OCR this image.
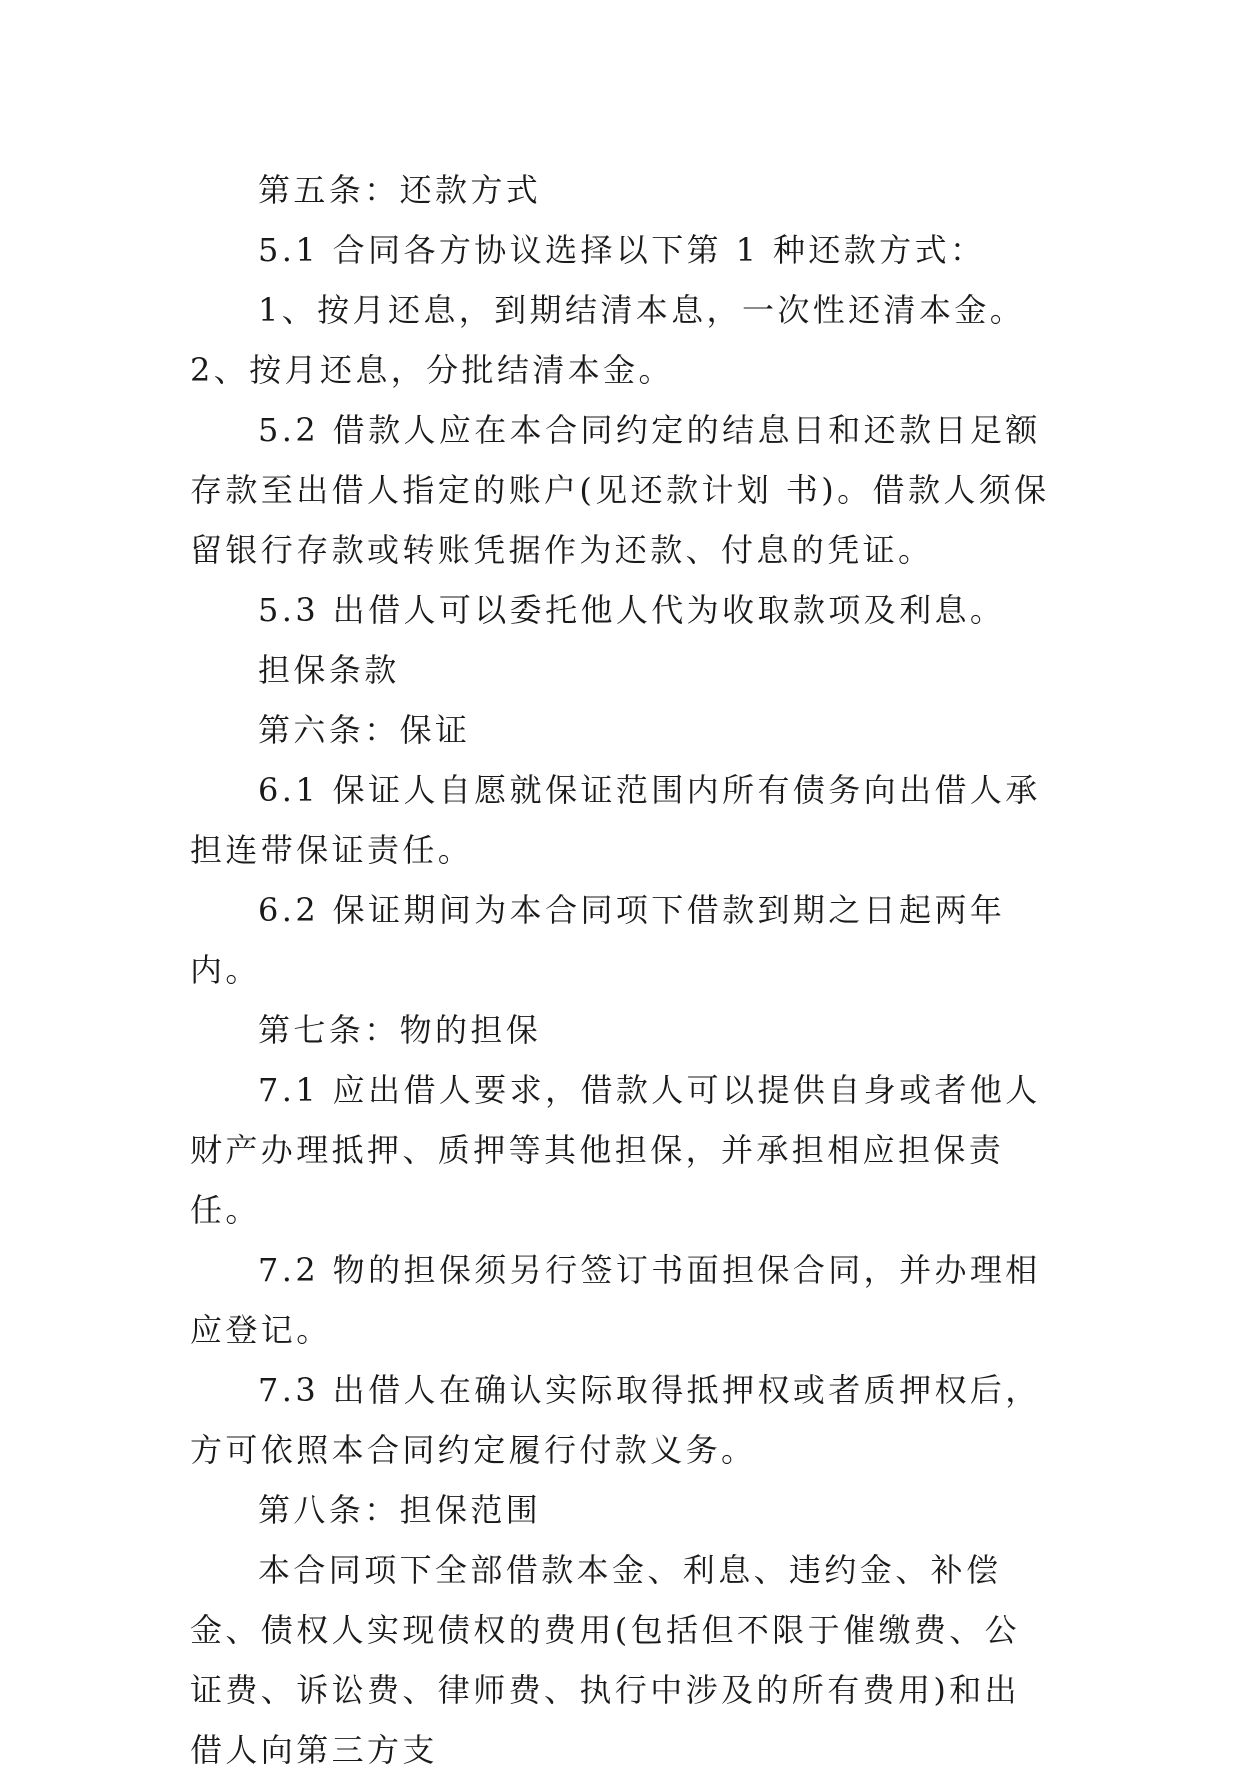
第五条：还款方式

5.1 合同各方协议选择以下第 1 种还款方式：

1、按月还息，到期结清本息，一次性还清本金。2、按月还息，分批结清本金。

5.2 借款人应在本合同约定的结息日和还款日足额存款至出借人指定的账户(见还款计划 书)。借款人须保留银行存款或转账凭据作为还款、付息的凭证。

5.3 出借人可以委托他人代为收取款项及利息。

担保条款

第六条：保证

6.1 保证人自愿就保证范围内所有债务向出借人承担连带保证责任。

6.2 保证期间为本合同项下借款到期之日起两年内。

第七条：物的担保

7.1 应出借人要求，借款人可以提供自身或者他人财产办理抵押、质押等其他担保，并承担相应担保责任。

7.2 物的担保须另行签订书面担保合同，并办理相应登记。

7.3 出借人在确认实际取得抵押权或者质押权后，方可依照本合同约定履行付款义务。

第八条：担保范围

本合同项下全部借款本金、利息、违约金、补偿金、债权人实现债权的费用(包括但不限于催缴费、公证费、诉讼费、律师费、执行中涉及的所有费用)和出借人向第三方支
